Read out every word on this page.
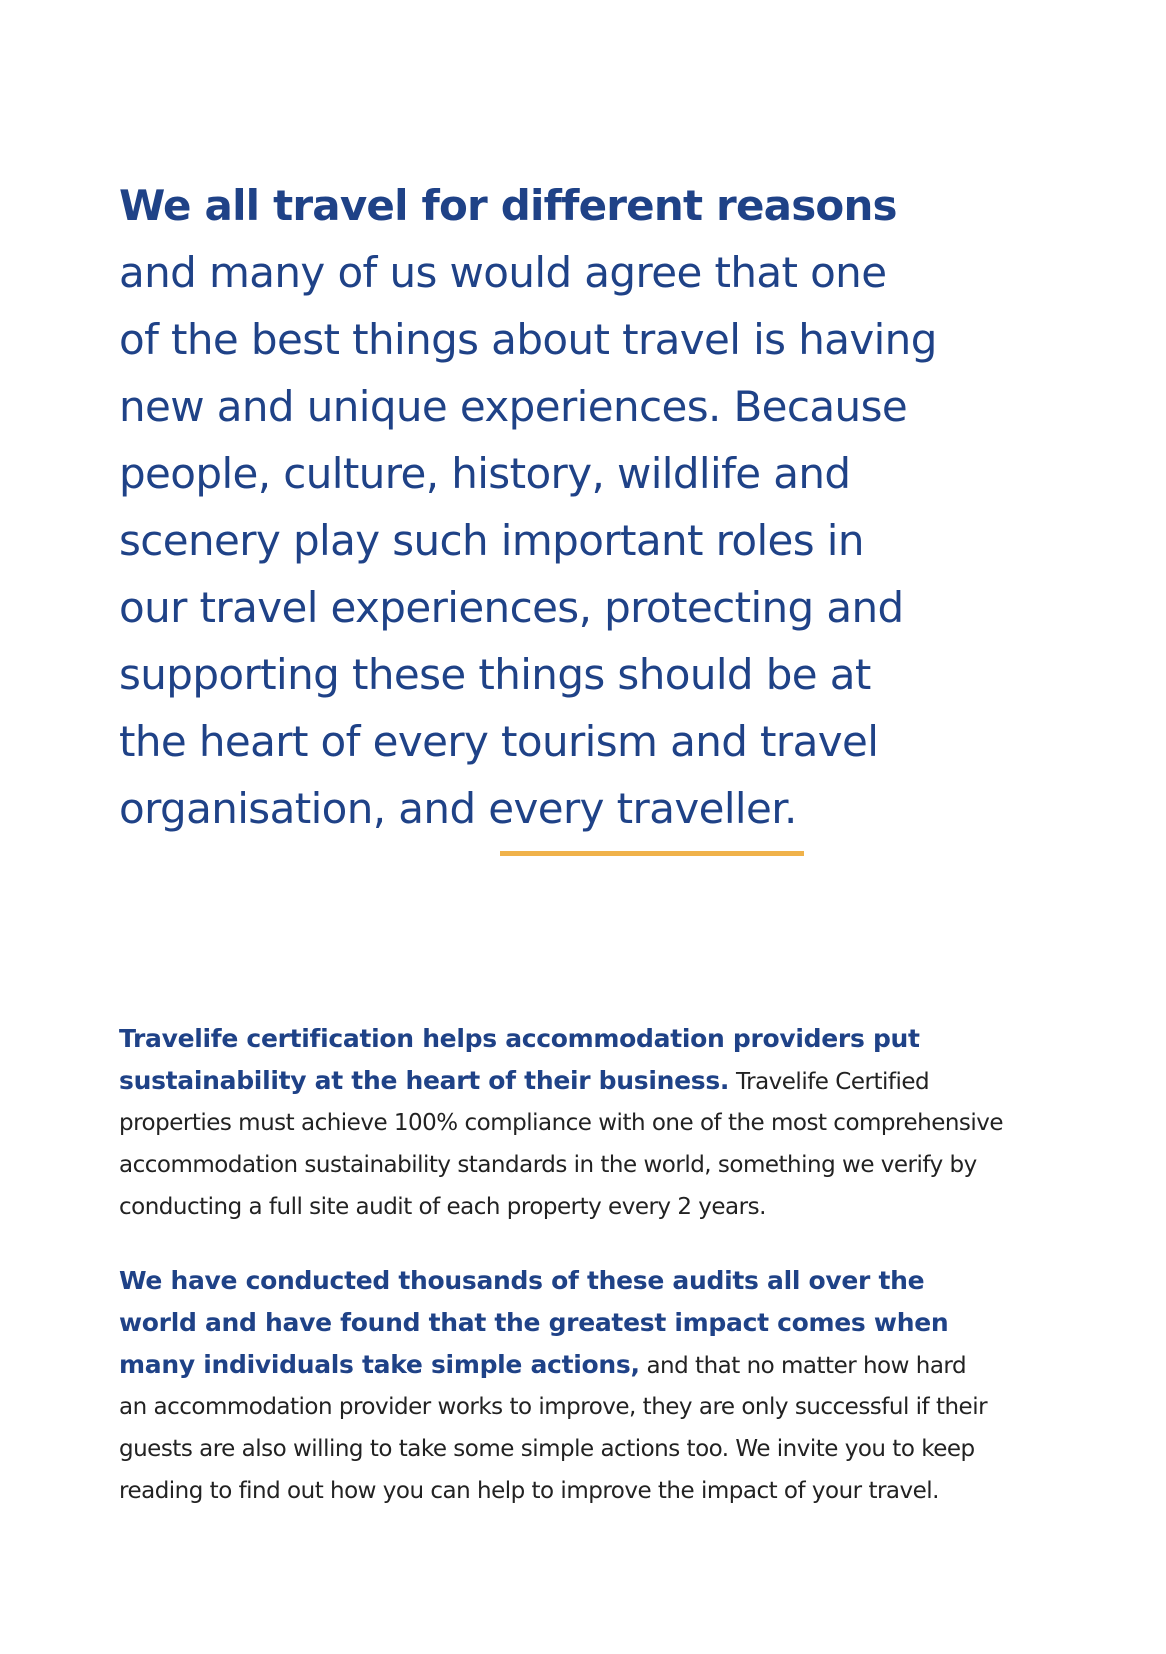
We all travel for different reasons
and many of us would agree that one
of the best things about travel is having
new and unique experiences. Because
people, culture, history, wildlife and
scenery play such important roles in
our travel experiences, protecting and
supporting these things should be at
the heart of every tourism and travel
organisation, and every traveller.
Travelife certification helps accommodation providers put
sustainability at the heart of their business. Travelife Certified
properties must achieve 100% compliance with one of the most comprehensive
accommodation sustainability standards in the world, something we verify by
conducting a full site audit of each property every 2 years.
We have conducted thousands of these audits all over the
world and have found that the greatest impact comes when
many individuals take simple actions, and that no matter how hard
an accommodation provider works to improve, they are only successful if their
guests are also willing to take some simple actions too. We invite you to keep
reading to find out how you can help to improve the impact of your travel.
